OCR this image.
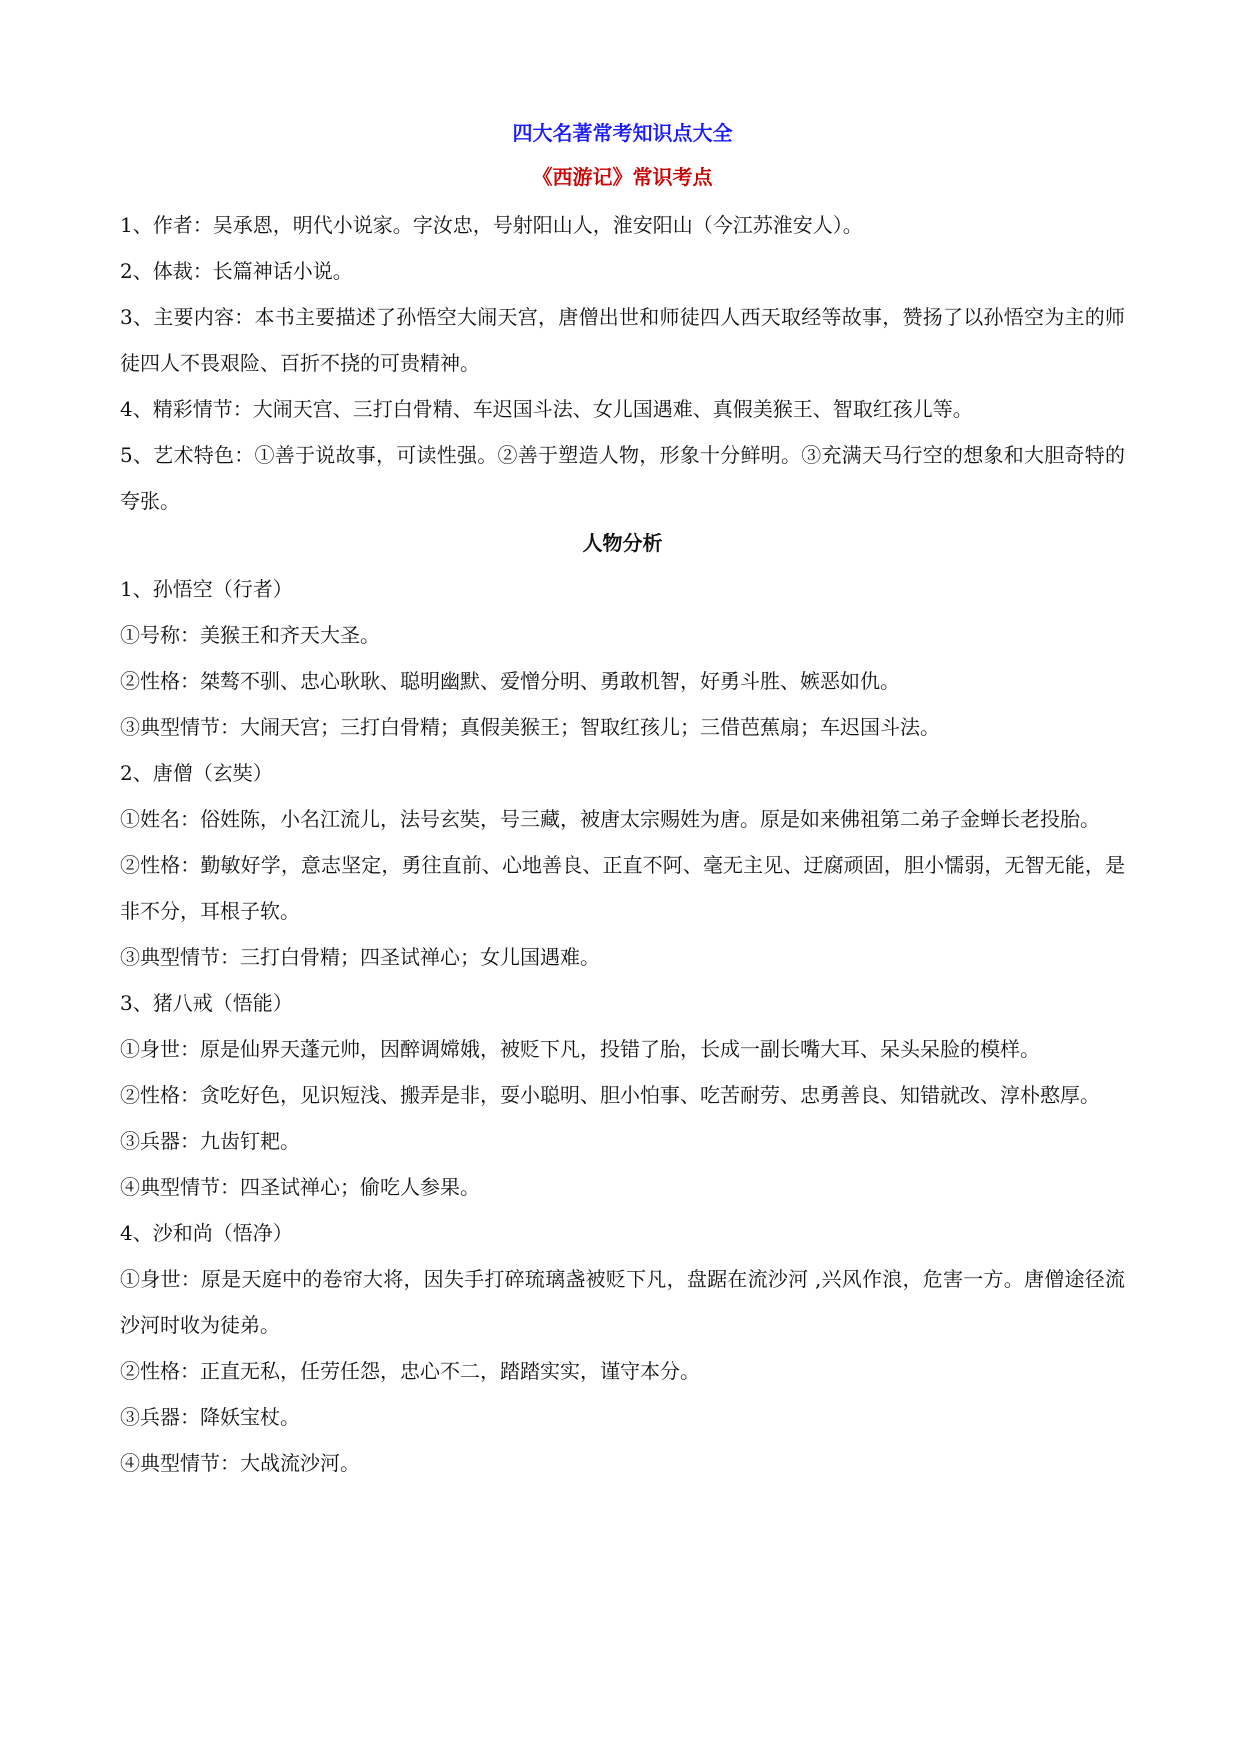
四大名著常考知识点大全
《西游记》常识考点

1、作者：吴承恩，明代小说家。字汝忠，号射阳山人，淮安阳山（今江苏淮安人）。

2、体裁：长篇神话小说。

3、主要内容：本书主要描述了孙悟空大闹天宫，唐僧出世和师徒四人西天取经等故事，赞扬了以孙悟空为主的师徒四人不畏艰险、百折不挠的可贵精神。

4、精彩情节：大闹天宫、三打白骨精、车迟国斗法、女儿国遇难、真假美猴王、智取红孩儿等。

5、艺术特色：①善于说故事，可读性强。②善于塑造人物，形象十分鲜明。③充满天马行空的想象和大胆奇特的夸张。

人物分析

1、孙悟空（行者）

①号称：美猴王和齐天大圣。

②性格：桀骜不驯、忠心耿耿、聪明幽默、爱憎分明、勇敢机智，好勇斗胜、嫉恶如仇。

③典型情节：大闹天宫；三打白骨精；真假美猴王；智取红孩儿；三借芭蕉扇；车迟国斗法。

2、唐僧（玄奘）

①姓名：俗姓陈，小名江流儿，法号玄奘，号三藏，被唐太宗赐姓为唐。原是如来佛祖第二弟子金蝉长老投胎。

②性格：勤敏好学，意志坚定，勇往直前、心地善良、正直不阿、毫无主见、迂腐顽固，胆小懦弱，无智无能，是非不分，耳根子软。

③典型情节：三打白骨精；四圣试禅心；女儿国遇难。

3、猪八戒（悟能）

①身世：原是仙界天蓬元帅，因醉调嫦娥，被贬下凡，投错了胎，长成一副长嘴大耳、呆头呆脸的模样。

②性格：贪吃好色，见识短浅、搬弄是非，耍小聪明、胆小怕事、吃苦耐劳、忠勇善良、知错就改、淳朴憨厚。

③兵器：九齿钉耙。

④典型情节：四圣试禅心；偷吃人参果。

4、沙和尚（悟净）

①身世：原是天庭中的卷帘大将，因失手打碎琉璃盏被贬下凡，盘踞在流沙河 ,兴风作浪，危害一方。唐僧途径流沙河时收为徒弟。

②性格：正直无私，任劳任怨，忠心不二，踏踏实实，谨守本分。

③兵器：降妖宝杖。

④典型情节：大战流沙河。
